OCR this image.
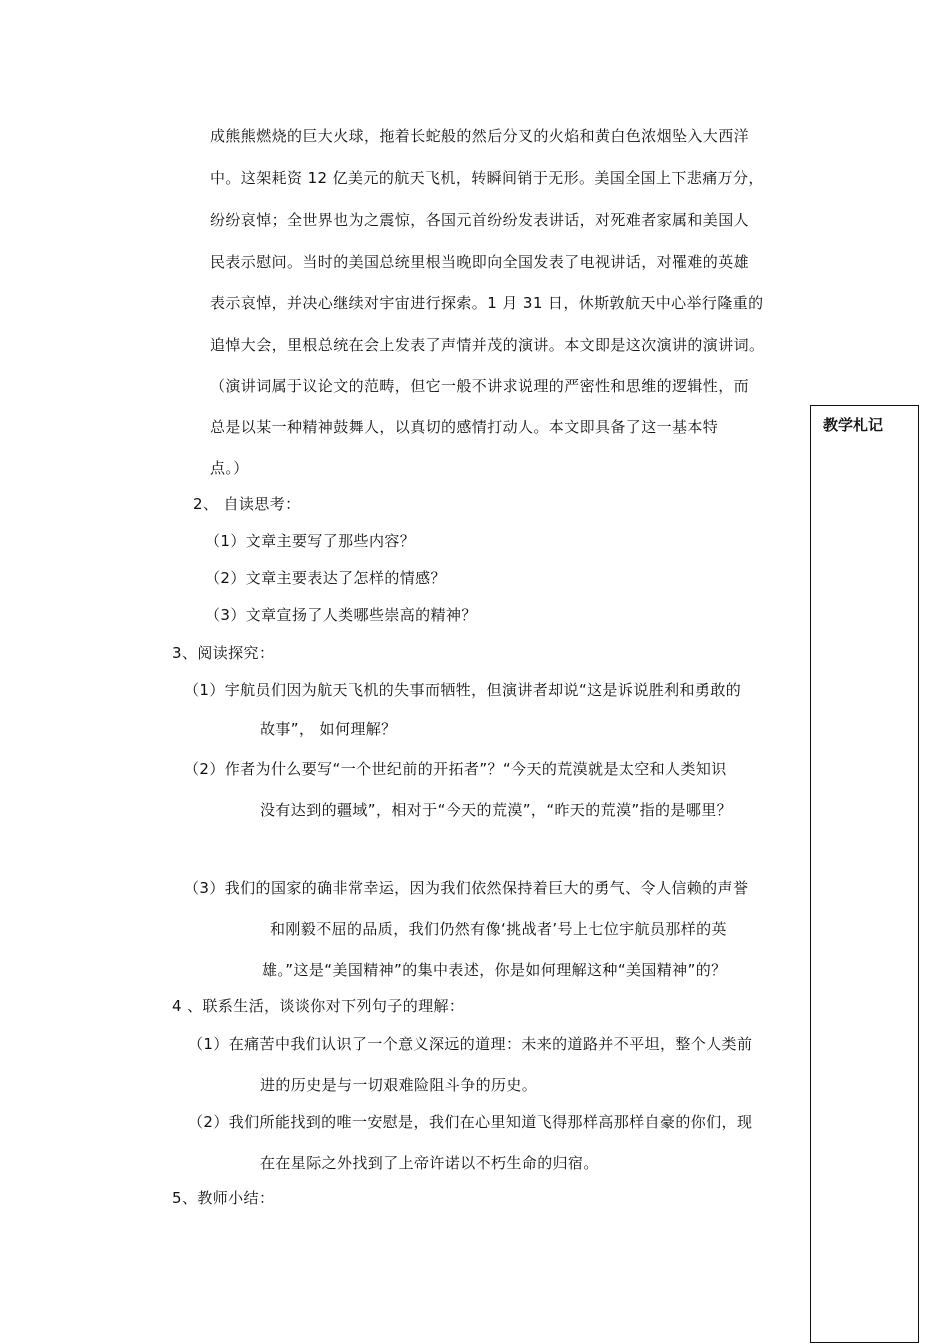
成熊熊燃烧的巨大火球，拖着长蛇般的然后分叉的火焰和黄白色浓烟坠入大西洋
中。这架耗资 12 亿美元的航天飞机，转瞬间销于无形。美国全国上下悲痛万分，
纷纷哀悼；全世界也为之震惊，各国元首纷纷发表讲话，对死难者家属和美国人
民表示慰问。当时的美国总统里根当晚即向全国发表了电视讲话，对罹难的英雄
表示哀悼，并决心继续对宇宙进行探索。1 月 31 日，休斯敦航天中心举行隆重的
追悼大会，里根总统在会上发表了声情并茂的演讲。本文即是这次演讲的演讲词。
（演讲词属于议论文的范畴，但它一般不讲求说理的严密性和思维的逻辑性，而
总是以某一种精神鼓舞人，以真切的感情打动人。本文即具备了这一基本特
点。）
2、 自读思考：
（1）文章主要写了那些内容？
（2）文章主要表达了怎样的情感？
（3）文章宣扬了人类哪些崇高的精神？
3、阅读探究：
（1）宇航员们因为航天飞机的失事而牺牲，但演讲者却说“这是诉说胜利和勇敢的
故事”， 如何理解？
（2）作者为什么要写“一个世纪前的开拓者”？“今天的荒漠就是太空和人类知识
没有达到的疆域”，相对于“今天的荒漠”，“昨天的荒漠”指的是哪里？
（3）我们的国家的确非常幸运，因为我们依然保持着巨大的勇气、令人信赖的声誉
和刚毅不屈的品质，我们仍然有像‘挑战者’号上七位宇航员那样的英
雄。”这是“美国精神”的集中表述，你是如何理解这种“美国精神”的？
4 、联系生活，谈谈你对下列句子的理解：
（1）在痛苦中我们认识了一个意义深远的道理：未来的道路并不平坦，整个人类前
进的历史是与一切艰难险阻斗争的历史。
（2）我们所能找到的唯一安慰是，我们在心里知道飞得那样高那样自豪的你们，现
在在星际之外找到了上帝许诺以不朽生命的归宿。
5、教师小结：
教学札记
